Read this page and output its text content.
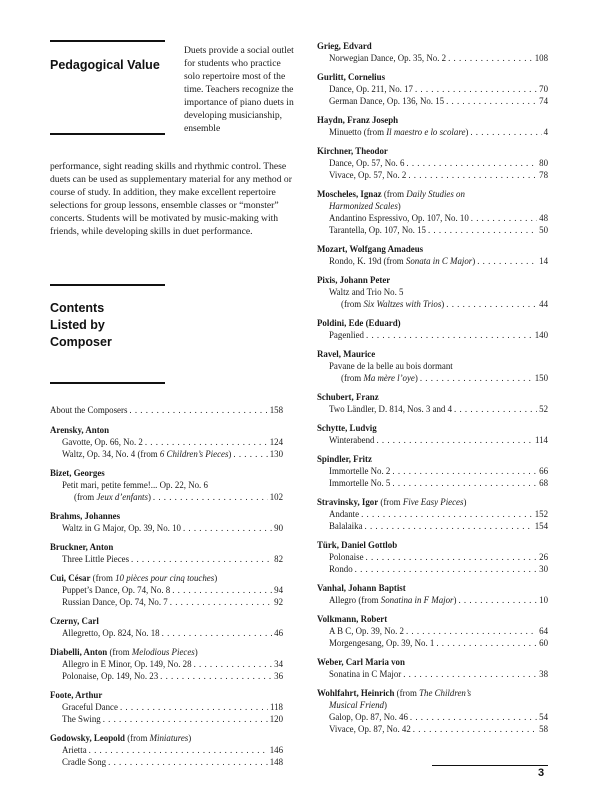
Pedagogical Value
Duets provide a social outlet for students who practice solo repertoire most of the time. Teachers recognize the importance of piano duets in developing musicianship, ensemble
performance, sight reading skills and rhythmic control. These duets can be used as supplementary material for any method or course of study. In addition, they make excellent repertoire selections for group lessons, ensemble classes or “monster” concerts. Students will be motivated by music-making with friends, while developing skills in duet performance.
Contents
Listed by
Composer
About the Composers . . .	158
Arensky, Anton
Gavotte, Op. 66, No. 2 . . .	124
Waltz, Op. 34, No. 4 (from 6 Children’s Pieces) . . .	130
Bizet, Georges
Petit mari, petite femme!... Op. 22, No. 6
(from Jeux d’enfants) . . .	102
Brahms, Johannes
Waltz in G Major, Op. 39, No. 10 . . .	90
Bruckner, Anton
Three Little Pieces . . .	82
Cui, César (from 10 pièces pour cinq touches)
Puppet’s Dance, Op. 74, No. 8 . . .	94
Russian Dance, Op. 74, No. 7 . . .	92
Czerny, Carl
Allegretto, Op. 824, No. 18 . . .	46
Diabelli, Anton (from Melodious Pieces)
Allegro in E Minor, Op. 149, No. 28 . . .	34
Polonaise, Op. 149, No. 23 . . .	36
Foote, Arthur
Graceful Dance . . .	118
The Swing . . .	120
Godowsky, Leopold (from Miniatures)
Arietta . . .	146
Cradle Song . . .	148
Grieg, Edvard
Norwegian Dance, Op. 35, No. 2 . . .	108
Gurlitt, Cornelius
Dance, Op. 211, No. 17 . . .	70
German Dance, Op. 136, No. 15 . . .	74
Haydn, Franz Joseph
Minuetto (from Il maestro e lo scolare) . . .	4
Kirchner, Theodor
Dance, Op. 57, No. 6 . . .	80
Vivace, Op. 57, No. 2 . . .	78
Moscheles, Ignaz (from Daily Studies on
Harmonized Scales)
Andantino Espressivo, Op. 107, No. 10 . . .	48
Tarantella, Op. 107, No. 15 . . .	50
Mozart, Wolfgang Amadeus
Rondo, K. 19d (from Sonata in C Major) . . .	14
Pixis, Johann Peter
Waltz and Trio No. 5
(from Six Waltzes with Trios) . . .	44
Poldini, Ede (Eduard)
Pagenlied . . .	140
Ravel, Maurice
Pavane de la belle au bois dormant
(from Ma mère l’oye) . . .	150
Schubert, Franz
Two Ländler, D. 814, Nos. 3 and 4 . . .	52
Schytte, Ludvig
Winterabend . . .	114
Spindler, Fritz
Immortelle No. 2 . . .	66
Immortelle No. 5 . . .	68
Stravinsky, Igor (from Five Easy Pieces)
Andante . . .	152
Balalaika . . .	154
Türk, Daniel Gottlob
Polonaise . . .	26
Rondo . . .	30
Vanhal, Johann Baptist
Allegro (from Sonatina in F Major) . . .	10
Volkmann, Robert
A B C, Op. 39, No. 2 . . .	64
Morgengesang, Op. 39, No. 1 . . .	60
Weber, Carl Maria von
Sonatina in C Major . . .	38
Wohlfahrt, Heinrich (from The Children’s
Musical Friend)
Galop, Op. 87, No. 46 . . .	54
Vivace, Op. 87, No. 42 . . .	58
3
